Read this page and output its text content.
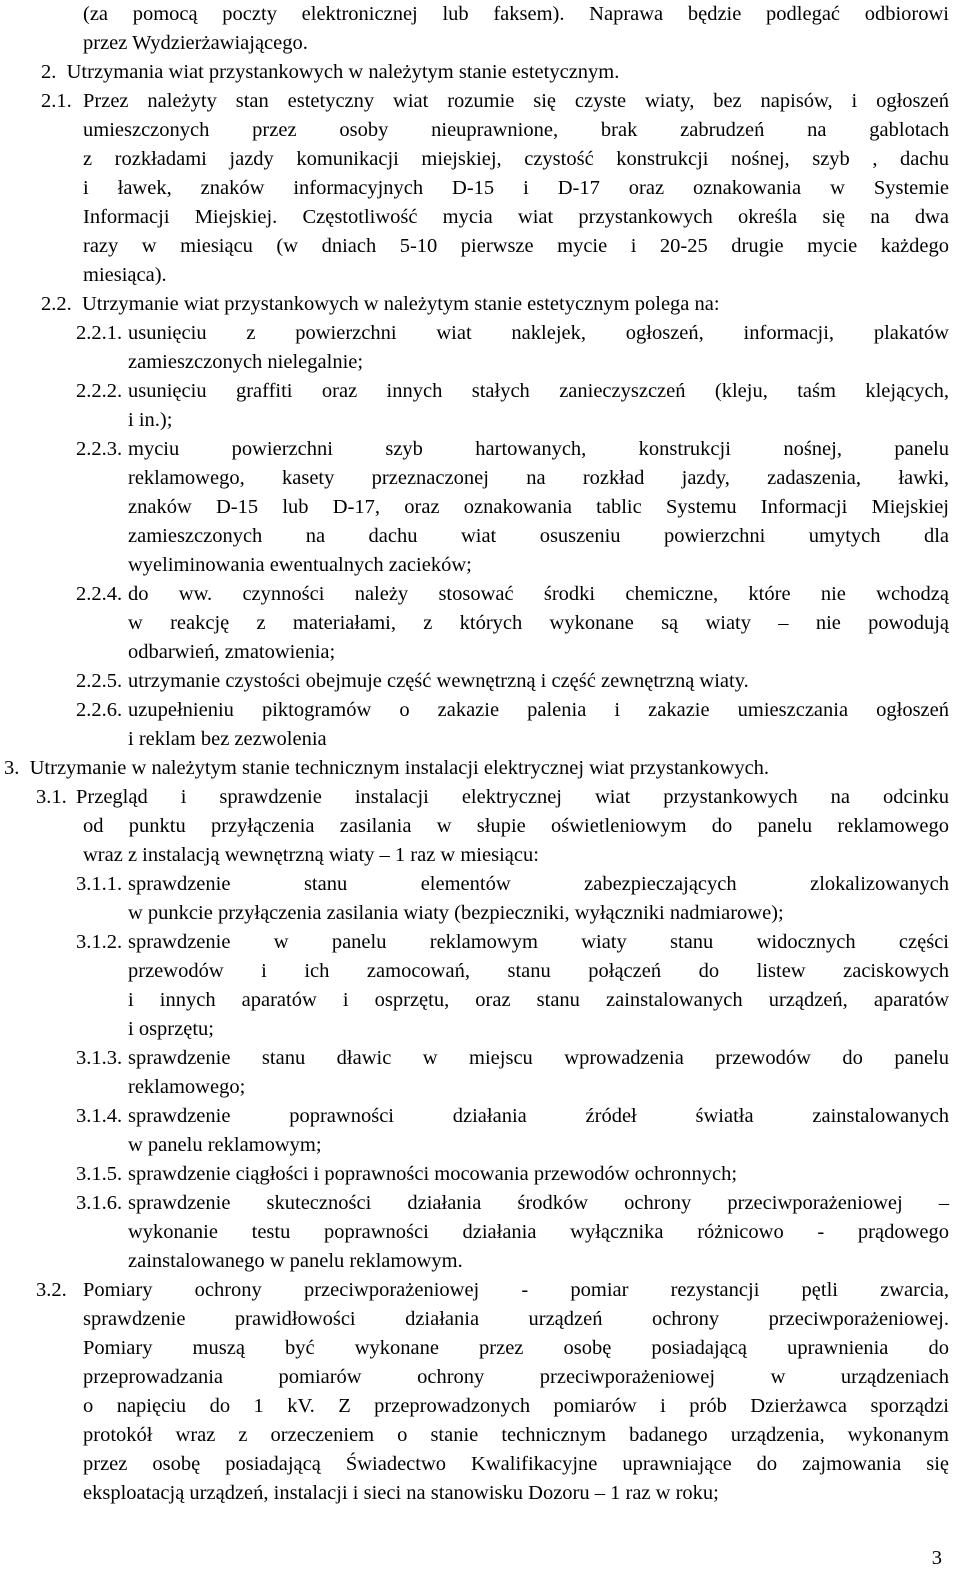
(za pomocą poczty elektronicznej lub faksem). Naprawa będzie podlegać odbiorowi
przez Wydzierżawiającego.
2.  Utrzymania wiat przystankowych w należytym stanie estetycznym.
2.1. Przez należyty stan estetyczny wiat rozumie się czyste wiaty, bez napisów, i ogłoszeń
umieszczonych przez osoby nieuprawnione, brak zabrudzeń na gablotach
z rozkładami jazdy komunikacji miejskiej, czystość konstrukcji nośnej, szyb , dachu
i ławek, znaków informacyjnych D-15 i D-17 oraz oznakowania w Systemie
Informacji Miejskiej. Częstotliwość mycia wiat przystankowych określa się na dwa
razy w miesiącu (w dniach 5-10 pierwsze mycie i 20-25 drugie mycie każdego
miesiąca).
2.2.  Utrzymanie wiat przystankowych w należytym stanie estetycznym polega na:
2.2.1. usunięciu z powierzchni wiat naklejek, ogłoszeń, informacji, plakatów
zamieszczonych nielegalnie;
2.2.2. usunięciu graffiti oraz innych stałych zanieczyszczeń (kleju, taśm klejących,
i in.);
2.2.3. myciu powierzchni szyb hartowanych, konstrukcji nośnej, panelu
reklamowego, kasety przeznaczonej na rozkład jazdy, zadaszenia, ławki,
znaków D-15 lub D-17, oraz oznakowania tablic Systemu Informacji Miejskiej
zamieszczonych na dachu wiat osuszeniu powierzchni umytych dla
wyeliminowania ewentualnych zacieków;
2.2.4. do ww. czynności należy stosować środki chemiczne, które nie wchodzą
w reakcję z materiałami, z których wykonane są wiaty – nie powodują
odbarwień, zmatowienia;
2.2.5. utrzymanie czystości obejmuje część wewnętrzną i część zewnętrzną wiaty.
2.2.6. uzupełnieniu piktogramów o zakazie palenia i zakazie umieszczania ogłoszeń
i reklam bez zezwolenia
3.  Utrzymanie w należytym stanie technicznym instalacji elektrycznej wiat przystankowych.
3.1. Przegląd i sprawdzenie instalacji elektrycznej wiat przystankowych na odcinku
od punktu przyłączenia zasilania w słupie oświetleniowym do panelu reklamowego
wraz z instalacją wewnętrzną wiaty – 1 raz w miesiącu:
3.1.1. sprawdzenie stanu elementów zabezpieczających zlokalizowanych
w punkcie przyłączenia zasilania wiaty (bezpieczniki, wyłączniki nadmiarowe);
3.1.2. sprawdzenie w panelu reklamowym wiaty stanu widocznych części
przewodów i ich zamocowań, stanu połączeń do listew zaciskowych
i innych aparatów i osprzętu, oraz stanu zainstalowanych urządzeń, aparatów
i osprzętu;
3.1.3. sprawdzenie stanu dławic w miejscu wprowadzenia przewodów do panelu
reklamowego;
3.1.4. sprawdzenie poprawności działania źródeł światła zainstalowanych
w panelu reklamowym;
3.1.5. sprawdzenie ciągłości i poprawności mocowania przewodów ochronnych;
3.1.6. sprawdzenie skuteczności działania środków ochrony przeciwporażeniowej –
wykonanie testu poprawności działania wyłącznika różnicowo - prądowego
zainstalowanego w panelu reklamowym.
3.2. Pomiary ochrony przeciwporażeniowej - pomiar rezystancji pętli zwarcia,
sprawdzenie prawidłowości działania urządzeń ochrony przeciwporażeniowej.
Pomiary muszą być wykonane przez osobę posiadającą uprawnienia do
przeprowadzania pomiarów ochrony przeciwporażeniowej w urządzeniach
o napięciu do 1 kV. Z przeprowadzonych pomiarów i prób Dzierżawca sporządzi
protokół wraz z orzeczeniem o stanie technicznym badanego urządzenia, wykonanym
przez osobę posiadającą Świadectwo Kwalifikacyjne uprawniające do zajmowania się
eksploatacją urządzeń, instalacji i sieci na stanowisku Dozoru – 1 raz w roku;
3
